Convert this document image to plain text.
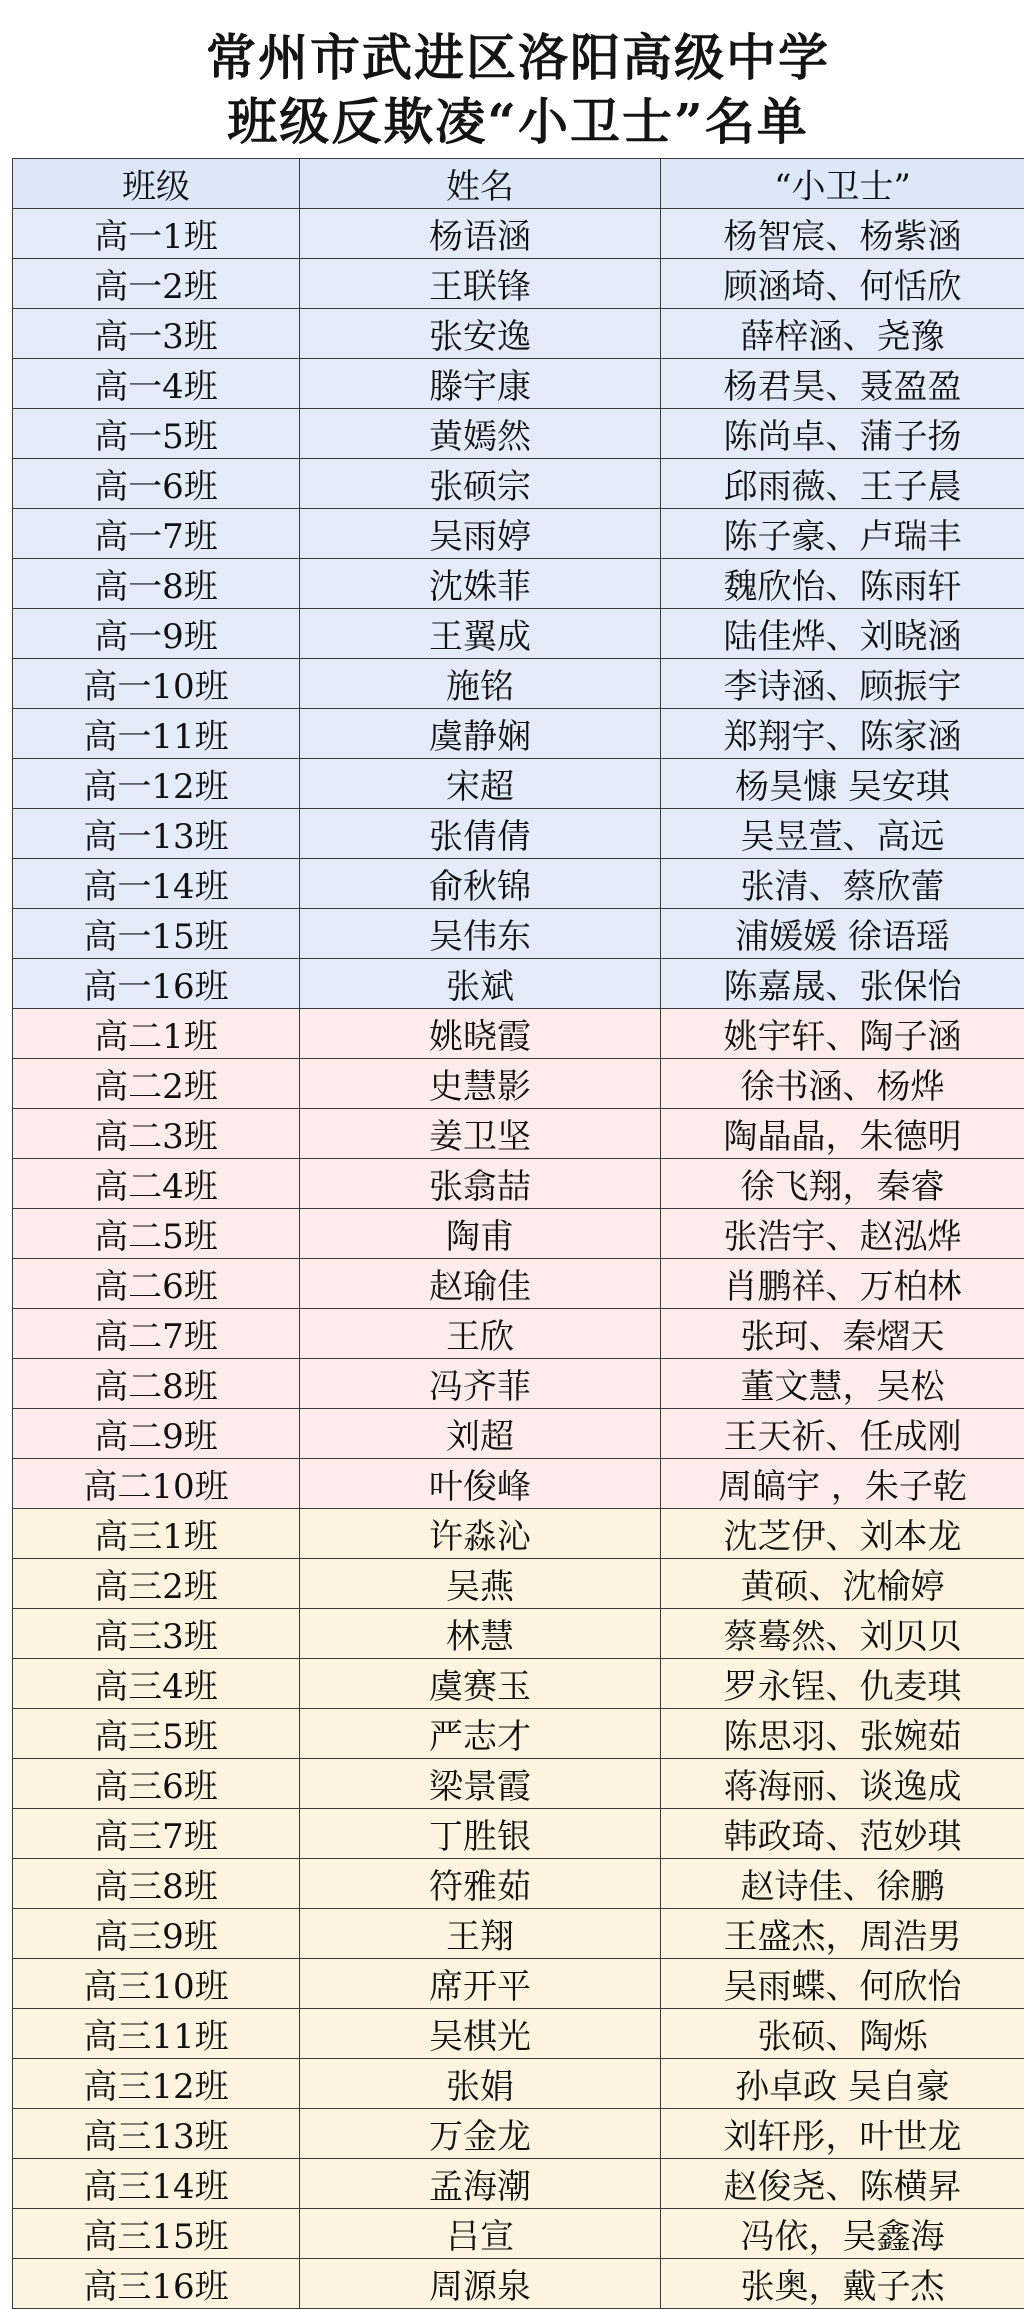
常州市武进区洛阳高级中学
班级反欺凌“小卫士”名单
班级	姓名	“小卫士”
高一1班	杨语涵	杨智宸、杨紫涵
高一2班	王联锋	顾涵埼、何恬欣
高一3班	张安逸	薛梓涵、尧豫
高一4班	滕宇康	杨君昊、聂盈盈
高一5班	黄嫣然	陈尚卓、蒲子扬
高一6班	张硕宗	邱雨薇、王子晨
高一7班	吴雨婷	陈子豪、卢瑞丰
高一8班	沈姝菲	魏欣怡、陈雨轩
高一9班	王翼成	陆佳烨、刘晓涵
高一10班	施铭	李诗涵、顾振宇
高一11班	虞静娴	郑翔宇、陈家涵
高一12班	宋超	杨昊慷 吴安琪
高一13班	张倩倩	吴昱萱、高远
高一14班	俞秋锦	张清、蔡欣蕾
高一15班	吴伟东	浦媛媛 徐语瑶
高一16班	张斌	陈嘉晟、张保怡
高二1班	姚晓霞	姚宇轩、陶子涵
高二2班	史慧影	徐书涵、杨烨
高二3班	姜卫坚	陶晶晶，朱德明
高二4班	张翕喆	徐飞翔，秦睿
高二5班	陶甫	张浩宇、赵泓烨
高二6班	赵瑜佳	肖鹏祥、万柏林
高二7班	王欣	张珂、秦熠天
高二8班	冯齐菲	董文慧，吴松
高二9班	刘超	王天祈、任成刚
高二10班	叶俊峰	周皜宇 ，朱子乾
高三1班	许淼沁	沈芝伊、刘本龙
高三2班	吴燕	黄硕、沈榆婷
高三3班	林慧	蔡蓦然、刘贝贝
高三4班	虞赛玉	罗永锃、仇麦琪
高三5班	严志才	陈思羽、张婉茹
高三6班	梁景霞	蒋海丽、谈逸成
高三7班	丁胜银	韩政琦、范妙琪
高三8班	符雅茹	赵诗佳、徐鹏
高三9班	王翔	王盛杰，周浩男
高三10班	席开平	吴雨蝶、何欣怡
高三11班	吴棋光	张硕、陶烁
高三12班	张娟	孙卓政 吴自豪
高三13班	万金龙	刘轩彤，叶世龙
高三14班	孟海潮	赵俊尧、陈横昇
高三15班	吕宣	冯依，吴鑫海
高三16班	周源泉	张奥，戴子杰
